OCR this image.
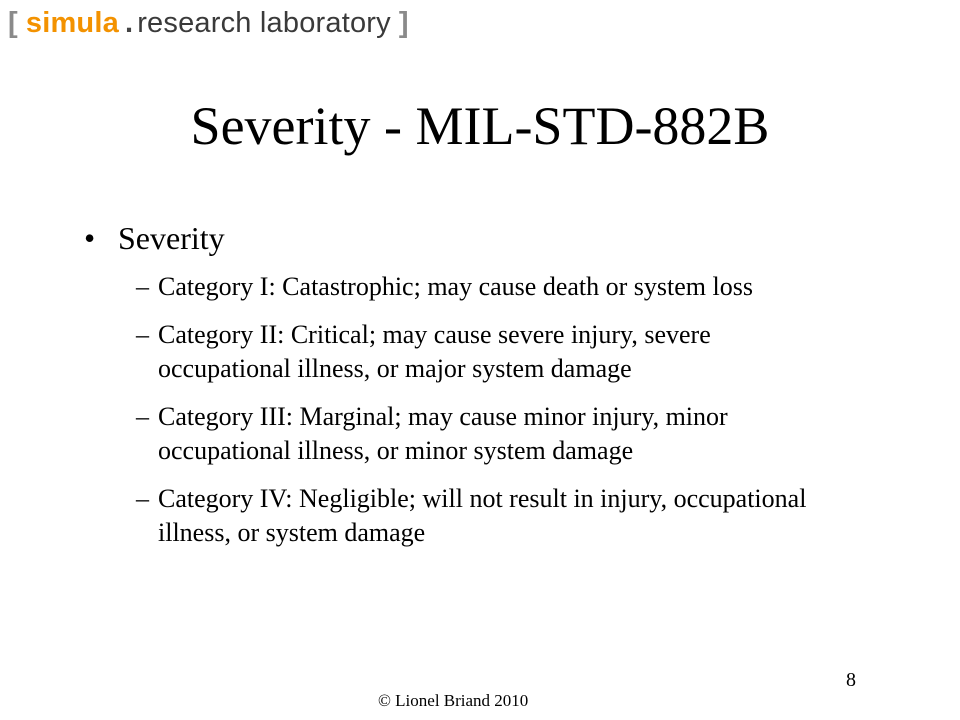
[ simula . research laboratory ]
Severity - MIL-STD-882B
• Severity
– Category I: Catastrophic; may cause death or system loss
– Category II: Critical; may cause severe injury, severe occupational illness, or major system damage
– Category III: Marginal; may cause minor injury, minor occupational illness, or minor system damage
– Category IV: Negligible; will not result in injury, occupational illness, or system damage
8
© Lionel Briand 2010
